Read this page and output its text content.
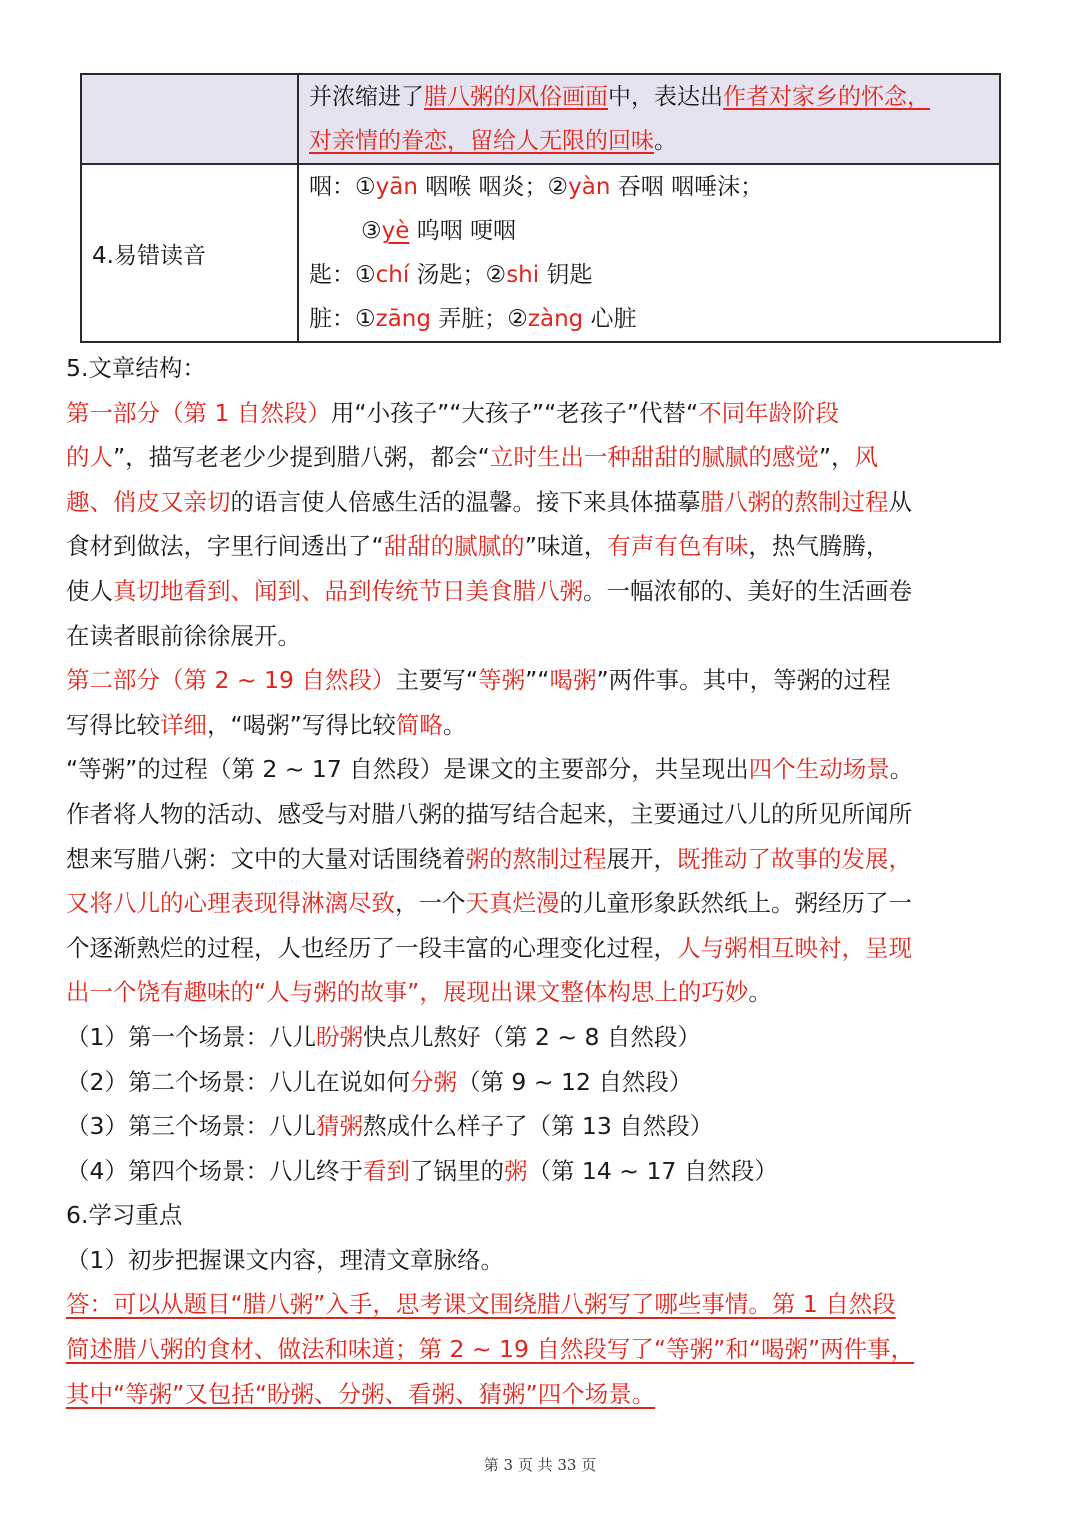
	并浓缩进了腊八粥的风俗画面中，表达出作者对家乡的怀念，
对亲情的眷恋，留给人无限的回味。

4.易错读音	咽：①yān 咽喉 咽炎；②yàn 吞咽 咽唾沫；
③yè 呜咽 哽咽
匙：①chí 汤匙；②shi 钥匙
脏：①zāng 弄脏；②zàng 心脏
5.文章结构：
第一部分（第 1 自然段）用“小孩子”“大孩子”“老孩子”代替“不同年龄阶段
的人”，描写老老少少提到腊八粥，都会“立时生出一种甜甜的腻腻的感觉”，风
趣、俏皮又亲切的语言使人倍感生活的温馨。接下来具体描摹腊八粥的熬制过程从
食材到做法，字里行间透出了“甜甜的腻腻的”味道，有声有色有味，热气腾腾，
使人真切地看到、闻到、品到传统节日美食腊八粥。一幅浓郁的、美好的生活画卷
在读者眼前徐徐展开。
第二部分（第 2 ~ 19 自然段）主要写“等粥”“喝粥”两件事。其中，等粥的过程
写得比较详细，“喝粥”写得比较简略。
“等粥”的过程（第 2 ~ 17 自然段）是课文的主要部分，共呈现出四个生动场景。
作者将人物的活动、感受与对腊八粥的描写结合起来，主要通过八儿的所见所闻所
想来写腊八粥：文中的大量对话围绕着粥的熬制过程展开，既推动了故事的发展，
又将八儿的心理表现得淋漓尽致，一个天真烂漫的儿童形象跃然纸上。粥经历了一
个逐渐熟烂的过程，人也经历了一段丰富的心理变化过程，人与粥相互映衬，呈现
出一个饶有趣味的“人与粥的故事”，展现出课文整体构思上的巧妙。
（1）第一个场景：八儿盼粥快点儿熬好（第 2 ~ 8 自然段）
（2）第二个场景：八儿在说如何分粥（第 9 ~ 12 自然段）
（3）第三个场景：八儿猜粥熬成什么样子了（第 13 自然段）
（4）第四个场景：八儿终于看到了锅里的粥（第 14 ~ 17 自然段）
6.学习重点
（1）初步把握课文内容，理清文章脉络。
答：可以从题目“腊八粥”入手，思考课文围绕腊八粥写了哪些事情。第 1 自然段
简述腊八粥的食材、做法和味道；第 2 ~ 19 自然段写了“等粥”和“喝粥”两件事，
其中“等粥”又包括“盼粥、分粥、看粥、猜粥”四个场景。
第 3 页 共 33 页
